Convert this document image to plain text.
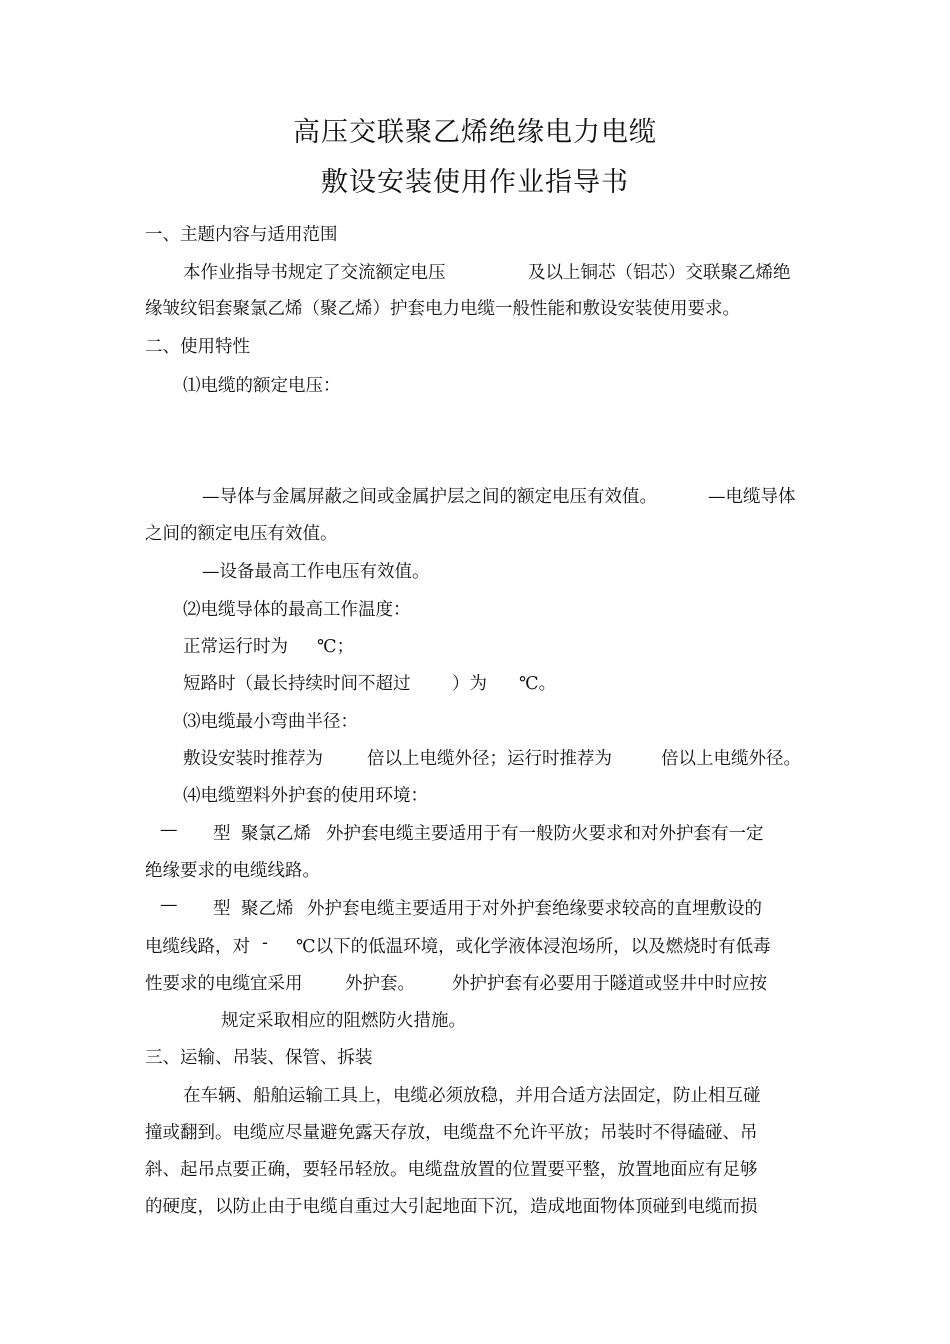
高压交联聚乙烯绝缘电力电缆
敷设安装使用作业指导书
一、主题内容与适用范围
本作业指导书规定了交流额定电压	及以上铜芯（铝芯）交联聚乙烯绝
缘皱纹铝套聚氯乙烯（聚乙烯）护套电力电缆一般性能和敷设安装使用要求。
二、使用特性
⑴电缆的额定电压：
—导体与金属屏蔽之间或金属护层之间的额定电压有效值。	—电缆导体
之间的额定电压有效值。
—设备最高工作电压有效值。
⑵电缆导体的最高工作温度：
正常运行时为 ℃；
短路时（最长持续时间不超过 ）为 ℃。
⑶电缆最小弯曲半径：
敷设安装时推荐为	倍以上电缆外径；运行时推荐为	倍以上电缆外径。
⑷电缆塑料外护套的使用环境：
— 型 聚氯乙烯 外护套电缆主要适用于有一般防火要求和对外护套有一定
绝缘要求的电缆线路。
— 型 聚乙烯 外护套电缆主要适用于对外护套绝缘要求较高的直埋敷设的
电缆线路，对 - ℃以下的低温环境，或化学液体浸泡场所，以及燃烧时有低毒
性要求的电缆宜采用 外护套。 外护护套有必要用于隧道或竖井中时应按
规定采取相应的阻燃防火措施。
三、运输、吊装、保管、拆装
在车辆、船舶运输工具上，电缆必须放稳，并用合适方法固定，防止相互碰
撞或翻到。电缆应尽量避免露天存放，电缆盘不允许平放；吊装时不得磕碰、吊
斜、起吊点要正确，要轻吊轻放。电缆盘放置的位置要平整，放置地面应有足够
的硬度，以防止由于电缆自重过大引起地面下沉，造成地面物体顶碰到电缆而损
